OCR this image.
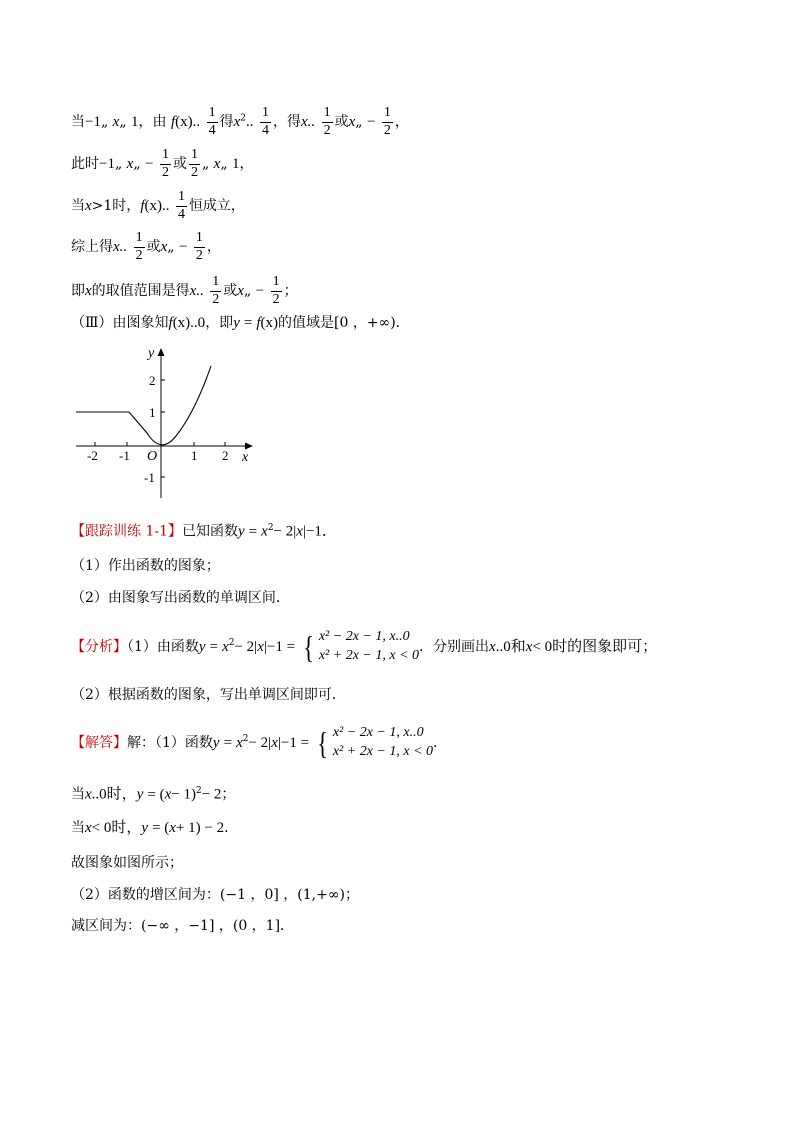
当−1„ x„ 1，由 f(x).. $\frac{1}{4}$ 得$x^2$.. $\frac{1}{4}$ ，得x.. $\frac{1}{2}$ 或x„ − $\frac{1}{2}$ ，
此时−1„ x„ − $\frac{1}{2}$ 或 $\frac{1}{2}$ „ x„ 1，
当x>1时，f(x).. $\frac{1}{4}$ 恒成立，
综上得x.. $\frac{1}{2}$ 或x„ − $\frac{1}{2}$ ，
即x的取值范围是得x.. $\frac{1}{2}$ 或x„ − $\frac{1}{2}$ ；
（Ⅲ）由图象知f(x)..0，即y = f(x)的值域是[0 ，+∞)．
y
x
O
-2 -1	1 2
2
1
-1
【跟踪训练 1-1】已知函数$y = x^2- 2|x|-1$．
（1）作出函数的图象；
（2）由图象写出函数的单调区间．
【分析】（1）由函数$y = x^2- 2|x|-1$ = { x² − 2x − 1, x..0
x² + 2x − 1, x < 0
．分别画出x..0和x< 0时的图象即可；
（2）根据函数的图象，写出单调区间即可．
【解答】解：（1）函数$y = x^2- 2|x|-1$ = { x² − 2x − 1, x..0
x² + 2x − 1, x < 0
．
当x..0时，$y = (x- 1)^2- 2$；
当x< 0时，y = (x+ 1) − 2．
故图象如图所示；
（2）函数的增区间为：(−1 ，0] ，(1,+∞)；
减区间为：(−∞ ，−1] ，(0 ，1]．
